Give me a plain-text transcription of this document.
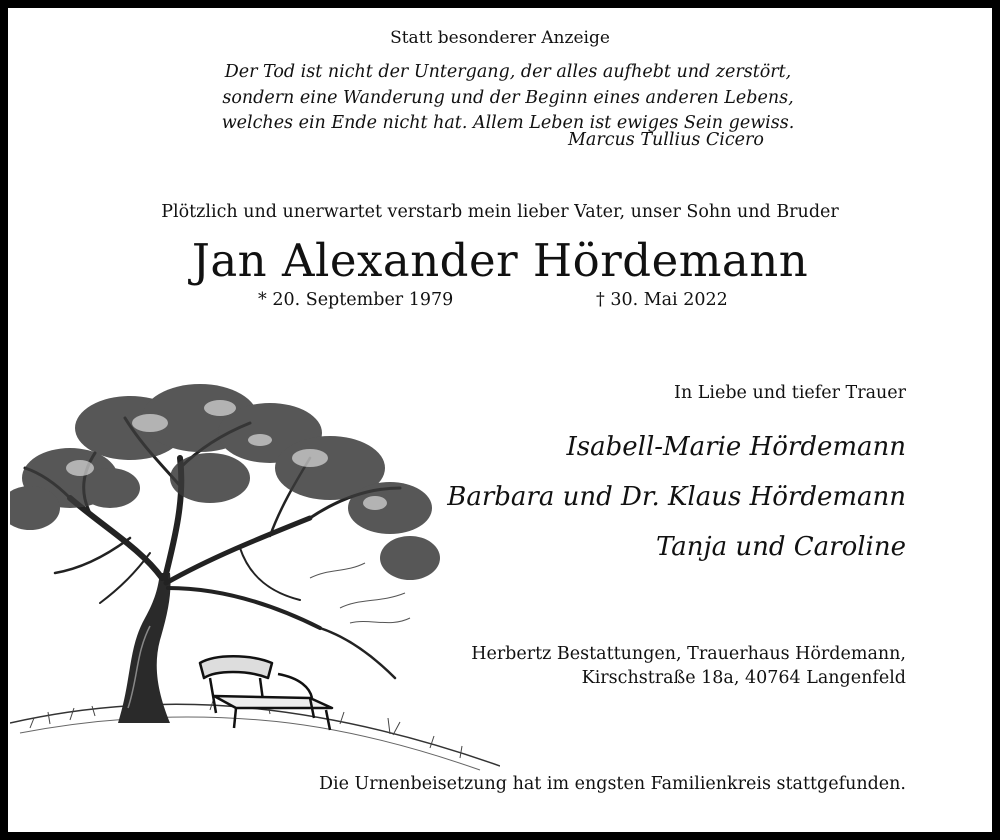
Statt besonderer Anzeige
Der Tod ist nicht der Untergang, der alles aufhebt und zerstört,
sondern eine Wanderung und der Beginn eines anderen Lebens,
welches ein Ende nicht hat. Allem Leben ist ewiges Sein gewiss.
Marcus Tullius Cicero
Plötzlich und unerwartet verstarb mein lieber Vater, unser Sohn und Bruder
Jan Alexander Hördemann
* 20. September 1979	† 30. Mai 2022
In Liebe und tiefer Trauer
Isabell-Marie Hördemann
Barbara und Dr. Klaus Hördemann
Tanja und Caroline
Herbertz Bestattungen, Trauerhaus Hördemann,
Kirschstraße 18a, 40764 Langenfeld
Die Urnenbeisetzung hat im engsten Familienkreis stattgefunden.
